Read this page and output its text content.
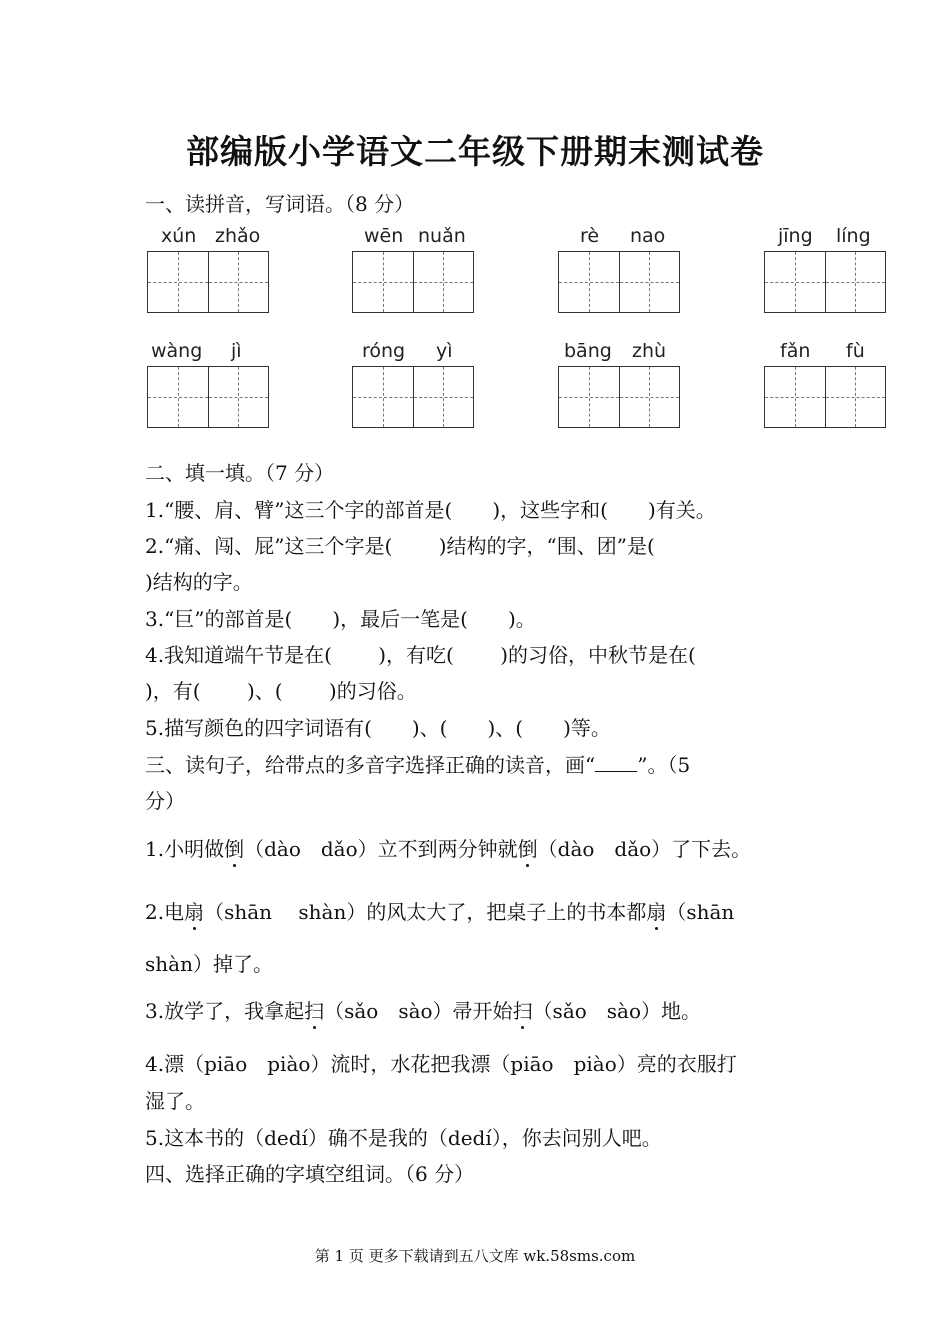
部编版小学语文二年级下册期末测试卷

一、读拼音，写词语。（8 分）

xún zhǎo	wēn nuǎn	rè nao	jīng líng
wàng jì	róng yì	bāng zhù	fǎn fù

二、填一填。（7 分）

1.“腰、肩、臂”这三个字的部首是(　　)，这些字和(　　)有关。

2.“痛、闯、屁”这三个字是(　　 )结构的字，“围、团”是(

)结构的字。

3.“巨”的部首是(　　)，最后一笔是(　　)。

4.我知道端午节是在(　　 )，有吃(　　 )的习俗，中秋节是在(

)，有(　　 )、(　　 )的习俗。

5.描写颜色的四字词语有(　　)、(　　)、(　　)等。

三、读句子，给带点的多音字选择正确的读音，画“ ”。（5

分）

1.小明做倒（dào　dǎo）立不到两分钟就倒（dào　dǎo）了下去。

2.电扇（shān　 shàn）的风太大了，把桌子上的书本都扇（shān

shàn）掉了。

3.放学了，我拿起扫（sǎo　sào）帚开始扫（sǎo　sào）地。

4.漂（piāo　piào）流时，水花把我漂（piāo　piào）亮的衣服打

湿了。

5.这本书的（dedí）确不是我的（dedí），你去问别人吧。

四、选择正确的字填空组词。（6 分）

第 1 页 更多下载请到五八文库 wk.58sms.com
